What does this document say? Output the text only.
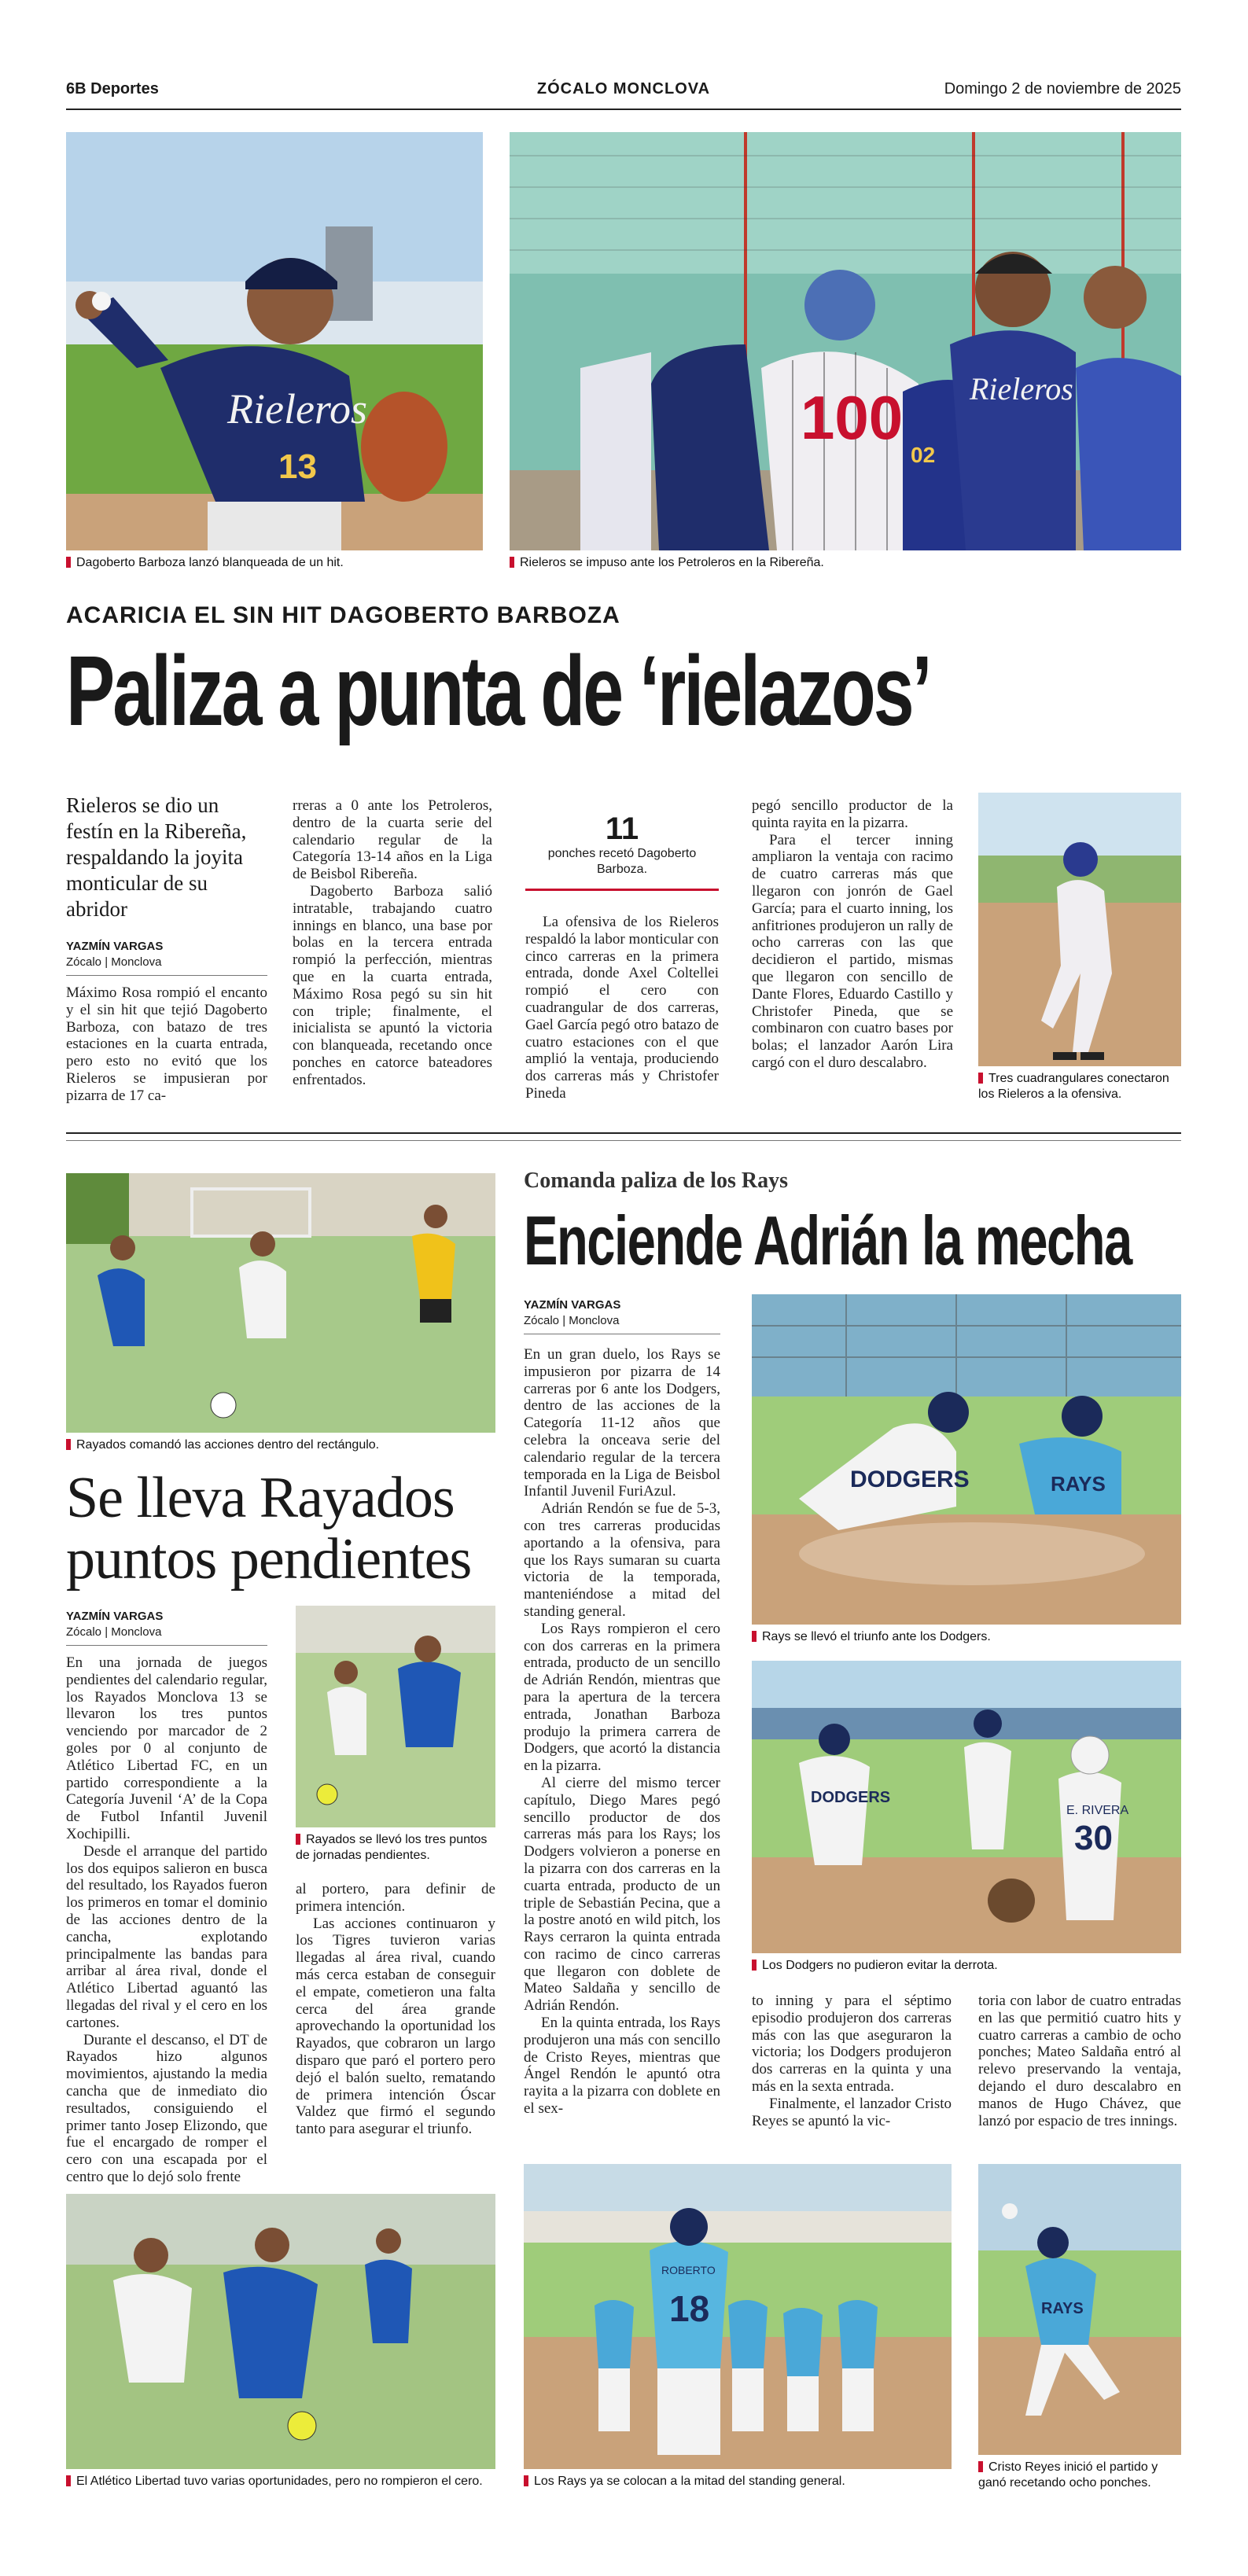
6B Deportes	ZÓCALO MONCLOVA	Domingo 2 de noviembre de 2025
Rieleros
13
Dagoberto Barboza lanzó blanqueada de un hit.
100
02
Rieleros
Rieleros se impuso ante los Petroleros en la Ribereña.
ACARICIA EL SIN HIT DAGOBERTO BARBOZA
Paliza a punta de ‘rielazos’
Rieleros se dio un festín en la Ribereña, respaldando la joyita monticular de su abridor
YAZMÍN VARGAS
Zócalo | Monclova

Máximo Rosa rompió el encanto y el sin hit que tejió Dagoberto Barboza, con batazo de tres estaciones en la cuarta entrada, pero esto no evitó que los Rieleros se impusieran por pizarra de 17 ca-

rreras a 0 ante los Petroleros, dentro de la cuarta serie del calendario regular de la Categoría 13-14 años en la Liga de Beisbol Ribereña.

Dagoberto Barboza salió intratable, trabajando cuatro innings en blanco, una base por bolas en la tercera entrada rompió la perfección, mientras que en la cuarta entrada, Máximo Rosa pegó su sin hit con triple; finalmente, el inicialista se apuntó la victoria con blanqueada, recetando once ponches en catorce bateadores enfrentados.

11
ponches recetó Dagoberto Barboza.

La ofensiva de los Rieleros respaldó la labor monticular con cinco carreras en la primera entrada, donde Axel Coltellei rompió el cero con cuadrangular de dos carreras, Gael García pegó otro batazo de cuatro estaciones con el que amplió la ventaja, produciendo dos carreras más y Christofer Pineda

pegó sencillo productor de la quinta rayita en la pizarra.

Para el tercer inning ampliaron la ventaja con racimo de cuatro carreras más que llegaron con jonrón de Gael García; para el cuarto inning, los anfitriones produjeron un rally de ocho carreras con las que decidieron el partido, mismas que llegaron con sencillo de Dante Flores, Eduardo Castillo y Christofer Pineda, que se combinaron con cuatro bases por bolas; el lanzador Aarón Lira cargó con el duro descalabro.

Tres cuadrangulares conectaron los Rieleros a la ofensiva.
Rayados comandó las acciones dentro del rectángulo.
Se lleva Rayados puntos pendientes
YAZMÍN VARGAS
Zócalo | Monclova

En una jornada de juegos pendientes del calendario regular, los Rayados Monclova 13 se llevaron los tres puntos venciendo por marcador de 2 goles por 0 al conjunto de Atlético Libertad FC, en un partido correspondiente a la Categoría Juvenil ‘A’ de la Copa de Futbol Infantil Juvenil Xochipilli.

Desde el arranque del partido los dos equipos salieron en busca del resultado, los Rayados fueron los primeros en tomar el dominio de las acciones dentro de la cancha, explotando principalmente las bandas para arribar al área rival, donde el Atlético Libertad aguantó las llegadas del rival y el cero en los cartones.

Durante el descanso, el DT de Rayados hizo algunos movimientos, ajustando la media cancha que de inmediato dio resultados, consiguiendo el primer tanto Josep Elizondo, que fue el encargado de romper el cero con una escapada por el centro que lo dejó solo frente

Rayados se llevó los tres puntos de jornadas pendientes.

al portero, para definir de primera intención.

Las acciones continuaron y los Tigres tuvieron varias llegadas al área rival, cuando más cerca estaban de conseguir el empate, cometieron una falta cerca del área grande aprovechando la oportunidad los Rayados, que cobraron un largo disparo que paró el portero pero dejó el balón suelto, rematando de primera intención Óscar Valdez que firmó el segundo tanto para asegurar el triunfo.

El Atlético Libertad tuvo varias oportunidades, pero no rompieron el cero.
Comanda paliza de los Rays
Enciende Adrián la mecha
YAZMÍN VARGAS
Zócalo | Monclova

En un gran duelo, los Rays se impusieron por pizarra de 14 carreras por 6 ante los Dodgers, dentro de las acciones de la Categoría 11-12 años que celebra la onceava serie del calendario regular de la tercera temporada en la Liga de Beisbol Infantil Juvenil FuriAzul.

Adrián Rendón se fue de 5-3, con tres carreras producidas aportando a la ofensiva, para que los Rays sumaran su cuarta victoria de la temporada, manteniéndose a mitad del standing general.

Los Rays rompieron el cero con dos carreras en la primera entrada, producto de un sencillo de Adrián Rendón, mientras que para la apertura de la tercera entrada, Jonathan Barboza produjo la primera carrera de Dodgers, que acortó la distancia en la pizarra.

Al cierre del mismo tercer capítulo, Diego Mares pegó sencillo productor de dos carreras más para los Rays; los Dodgers volvieron a ponerse en la pizarra con dos carreras en la cuarta entrada, producto de un triple de Sebastián Pecina, que a la postre anotó en wild pitch, los Rays cerraron la quinta entrada con racimo de cinco carreras que llegaron con doblete de Mateo Saldaña y sencillo de Adrián Rendón.

En la quinta entrada, los Rays produjeron una más con sencillo de Cristo Reyes, mientras que Ángel Rendón le apuntó otra rayita a la pizarra con doblete en el sex-

DODGERS	RAYS
Rays se llevó el triunfo ante los Dodgers.
DODGERS
E. RIVERA
30
Los Dodgers no pudieron evitar la derrota.

to inning y para el séptimo episodio produjeron dos carreras más con las que aseguraron la victoria; los Dodgers produjeron dos carreras en la quinta y una más en la sexta entrada.

Finalmente, el lanzador Cristo Reyes se apuntó la vic-

toria con labor de cuatro entradas en las que permitió cuatro hits y cuatro carreras a cambio de ocho ponches; Mateo Saldaña entró al relevo preservando la ventaja, dejando el duro descalabro en manos de Hugo Chávez, que lanzó por espacio de tres innings.

ROBERTO
18
Los Rays ya se colocan a la mitad del standing general.
RAYS
Cristo Reyes inició el partido y ganó recetando ocho ponches.
